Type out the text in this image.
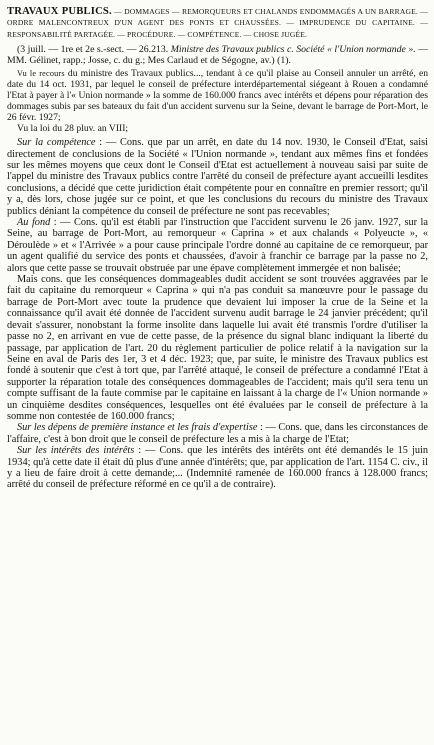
TRAVAUX PUBLICS. — DOMMAGES — REMORQUEURS ET CHALANDS ENDOMMAGÉS A UN BARRAGE. — ORDRE MALENCONTREUX D'UN AGENT DES PONTS ET CHAUSSÉES. — IMPRUDENCE DU CAPITAINE. — RESPONSABILITÉ PARTAGÉE. — PROCÉDURE. — COMPÉTENCE. — CHOSE JUGÉE.

(3 juill. — 1re et 2e s.-sect. — 26.213. Ministre des Travaux publics c. Société « l'Union normande ». — MM. Gélinet, rapp.; Josse, c. du g.; Mes Carlaud et de Ségogne, av.) (1).

Vu le recours du ministre des Travaux publics..., tendant à ce qu'il plaise au Conseil annuler un arrêté, en date du 14 oct. 1931, par lequel le conseil de préfecture interdépartemental siégeant à Rouen a condamné l'Etat à payer à l'« Union normande » la somme de 160.000 francs avec intérêts et dépens pour réparation des dommages subis par ses bateaux du fait d'un accident survenu sur la Seine, devant le barrage de Port-Mort, le 26 févr. 1927;

Vu la loi du 28 pluv. an VIII;

Sur la compétence : — Cons. que par un arrêt, en date du 14 nov. 1930, le Conseil d'Etat, saisi directement de conclusions de la Société « l'Union normande », tendant aux mêmes fins et fondées sur les mêmes moyens que ceux dont le Conseil d'Etat est actuellement à nouveau saisi par suite de l'appel du ministre des Travaux publics contre l'arrêté du conseil de préfecture ayant accueilli lesdites conclusions, a décidé que cette juridiction était compétente pour en connaître en premier ressort; qu'il y a, dès lors, chose jugée sur ce point, et que les conclusions du recours du ministre des Travaux publics déniant la compétence du conseil de préfecture ne sont pas recevables;

Au fond : — Cons. qu'il est établi par l'instruction que l'accident survenu le 26 janv. 1927, sur la Seine, au barrage de Port-Mort, au remorqueur « Caprina » et aux chalands « Polyeucte », « Déroulède » et « l'Arrivée » a pour cause principale l'ordre donné au capitaine de ce remorqueur, par un agent qualifié du service des ponts et chaussées, d'avoir à franchir ce barrage par la passe no 2, alors que cette passe se trouvait obstruée par une épave complètement immergée et non balisée;

Mais cons. que les conséquences dommageables dudit accident se sont trouvées aggravées par le fait du capitaine du remorqueur « Caprina » qui n'a pas conduit sa manœuvre pour le passage du barrage de Port-Mort avec toute la prudence que devaient lui imposer la crue de la Seine et la connaissance qu'il avait été donnée de l'accident survenu audit barrage le 24 janvier précédent; qu'il devait s'assurer, nonobstant la forme insolite dans laquelle lui avait été transmis l'ordre d'utiliser la passe no 2, en arrivant en vue de cette passe, de la présence du signal blanc indiquant la liberté du passage, par application de l'art. 20 du règlement particulier de police relatif à la navigation sur la Seine en aval de Paris des 1er, 3 et 4 déc. 1923; que, par suite, le ministre des Travaux publics est fondé à soutenir que c'est à tort que, par l'arrêté attaqué, le conseil de préfecture a condamné l'Etat à supporter la réparation totale des conséquences dommageables de l'accident; mais qu'il sera tenu un compte suffisant de la faute commise par le capitaine en laissant à la charge de l'« Union normande » un cinquième desdites conséquences, lesquelles ont été évaluées par le conseil de préfecture à la somme non contestée de 160.000 francs;

Sur les dépens de première instance et les frais d'expertise : — Cons. que, dans les circonstances de l'affaire, c'est à bon droit que le conseil de préfecture les a mis à la charge de l'Etat;

Sur les intérêts des intérêts : — Cons. que les intérêts des intérêts ont été demandés le 15 juin 1934; qu'à cette date il était dû plus d'une année d'intérêts; que, par application de l'art. 1154 C. civ., il y a lieu de faire droit à cette demande;... (Indemnité ramenée de 160.000 francs à 128.000 francs; arrêté du conseil de préfecture réformé en ce qu'il a de contraire).
